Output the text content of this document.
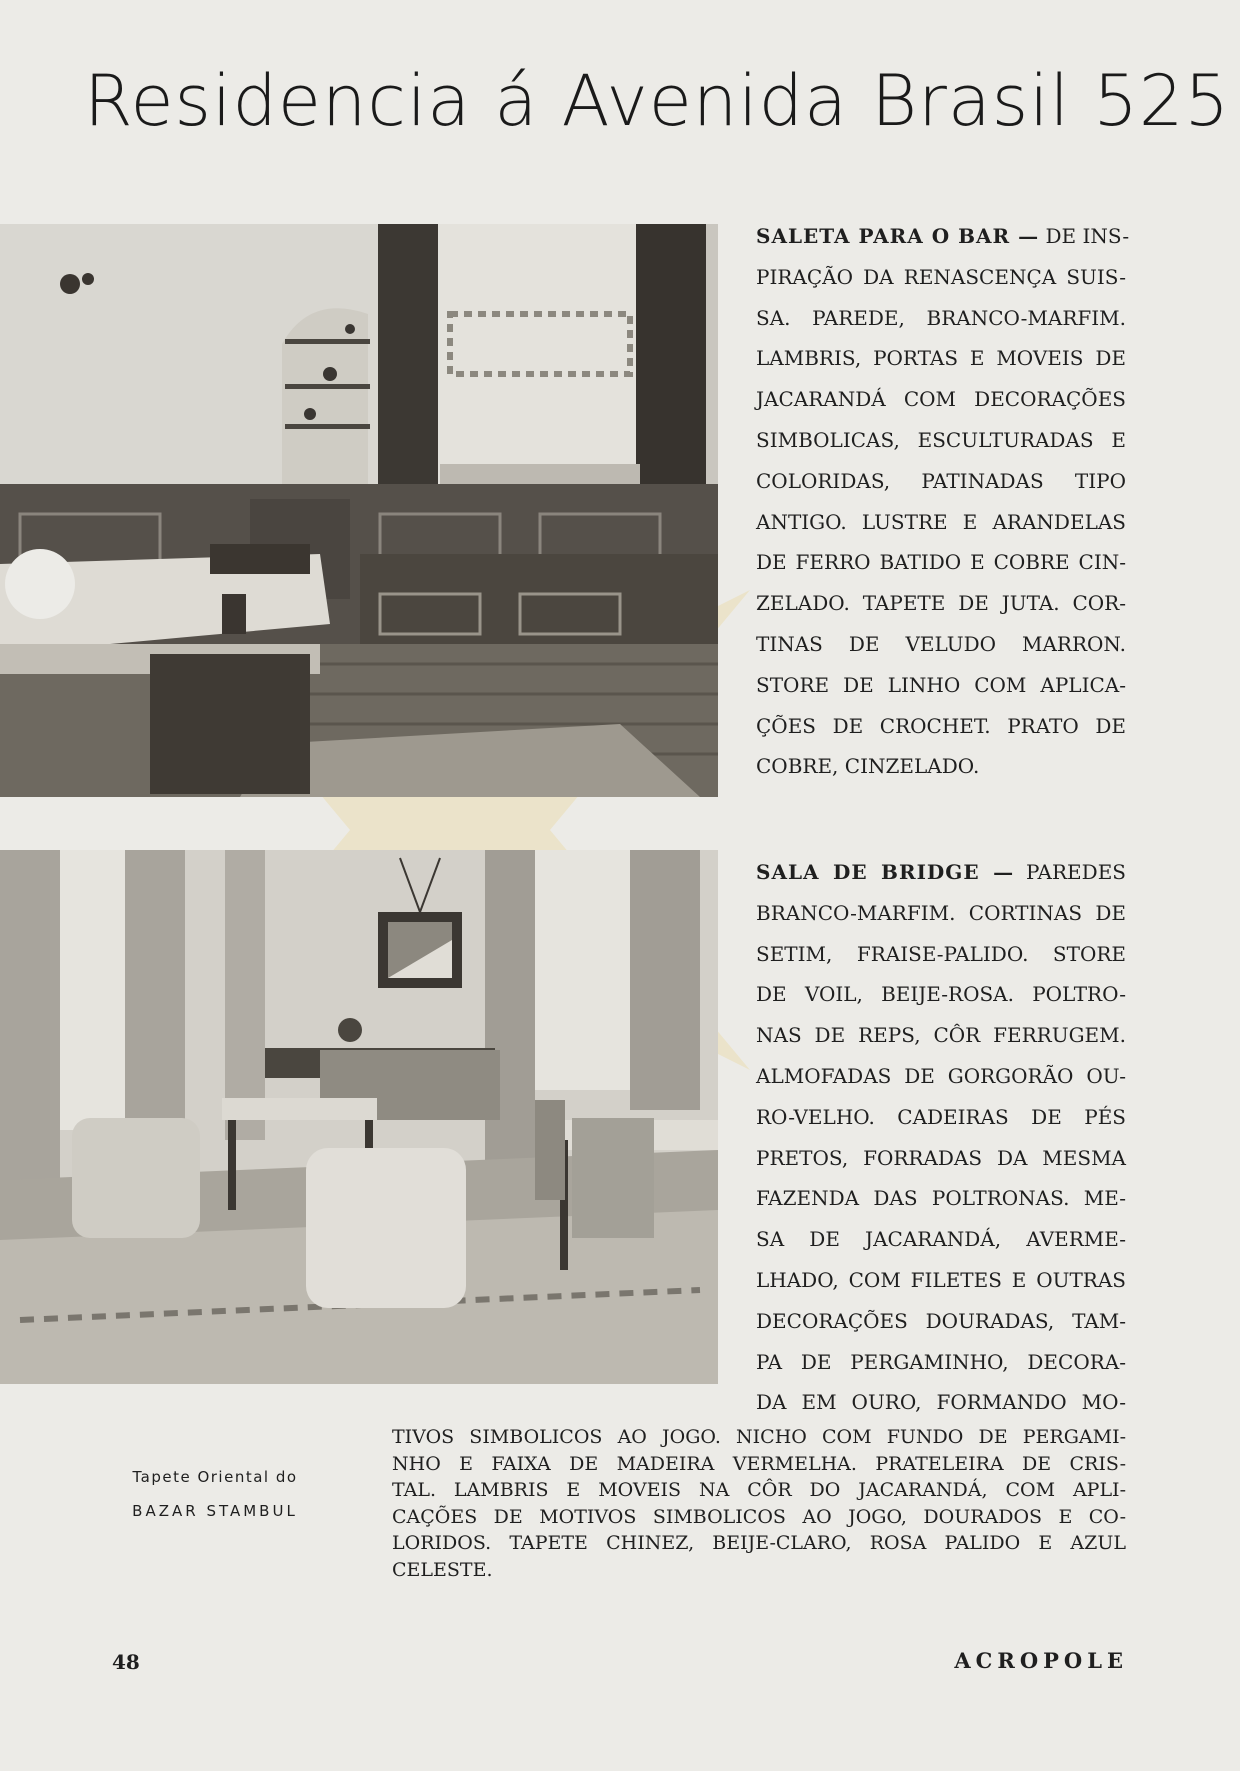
Residencia á Avenida Brasil 525
SALETA PARA O BAR — DE INS-
PIRAÇÃO DA RENASCENÇA SUIS-
SA. PAREDE, BRANCO-MARFIM.
LAMBRIS, PORTAS E MOVEIS DE
JACARANDÁ COM DECORAÇÕES
SIMBOLICAS, ESCULTURADAS E
COLORIDAS, PATINADAS TIPO
ANTIGO. LUSTRE E ARANDELAS
DE FERRO BATIDO E COBRE CIN-
ZELADO. TAPETE DE JUTA. COR-
TINAS DE VELUDO MARRON.
STORE DE LINHO COM APLICA-
ÇÕES DE CROCHET. PRATO DE
COBRE, CINZELADO.
SALA DE BRIDGE — PAREDES
BRANCO-MARFIM. CORTINAS DE
SETIM, FRAISE-PALIDO. STORE
DE VOIL, BEIJE-ROSA. POLTRO-
NAS DE REPS, CÔR FERRUGEM.
ALMOFADAS DE GORGORÃO OU-
RO-VELHO. CADEIRAS DE PÉS
PRETOS, FORRADAS DA MESMA
FAZENDA DAS POLTRONAS. ME-
SA DE JACARANDÁ, AVERME-
LHADO, COM FILETES E OUTRAS
DECORAÇÕES DOURADAS, TAM-
PA DE PERGAMINHO, DECORA-
DA EM OURO, FORMANDO MO-
TIVOS SIMBOLICOS AO JOGO. NICHO COM FUNDO DE PERGAMI-
NHO E FAIXA DE MADEIRA VERMELHA. PRATELEIRA DE CRIS-
TAL. LAMBRIS E MOVEIS NA CÔR DO JACARANDÁ, COM APLI-
CAÇÕES DE MOTIVOS SIMBOLICOS AO JOGO, DOURADOS E CO-
LORIDOS. TAPETE CHINEZ, BEIJE-CLARO, ROSA PALIDO E AZUL
CELESTE.
Tapete Oriental do
BAZAR STAMBUL
48	ACROPOLE
